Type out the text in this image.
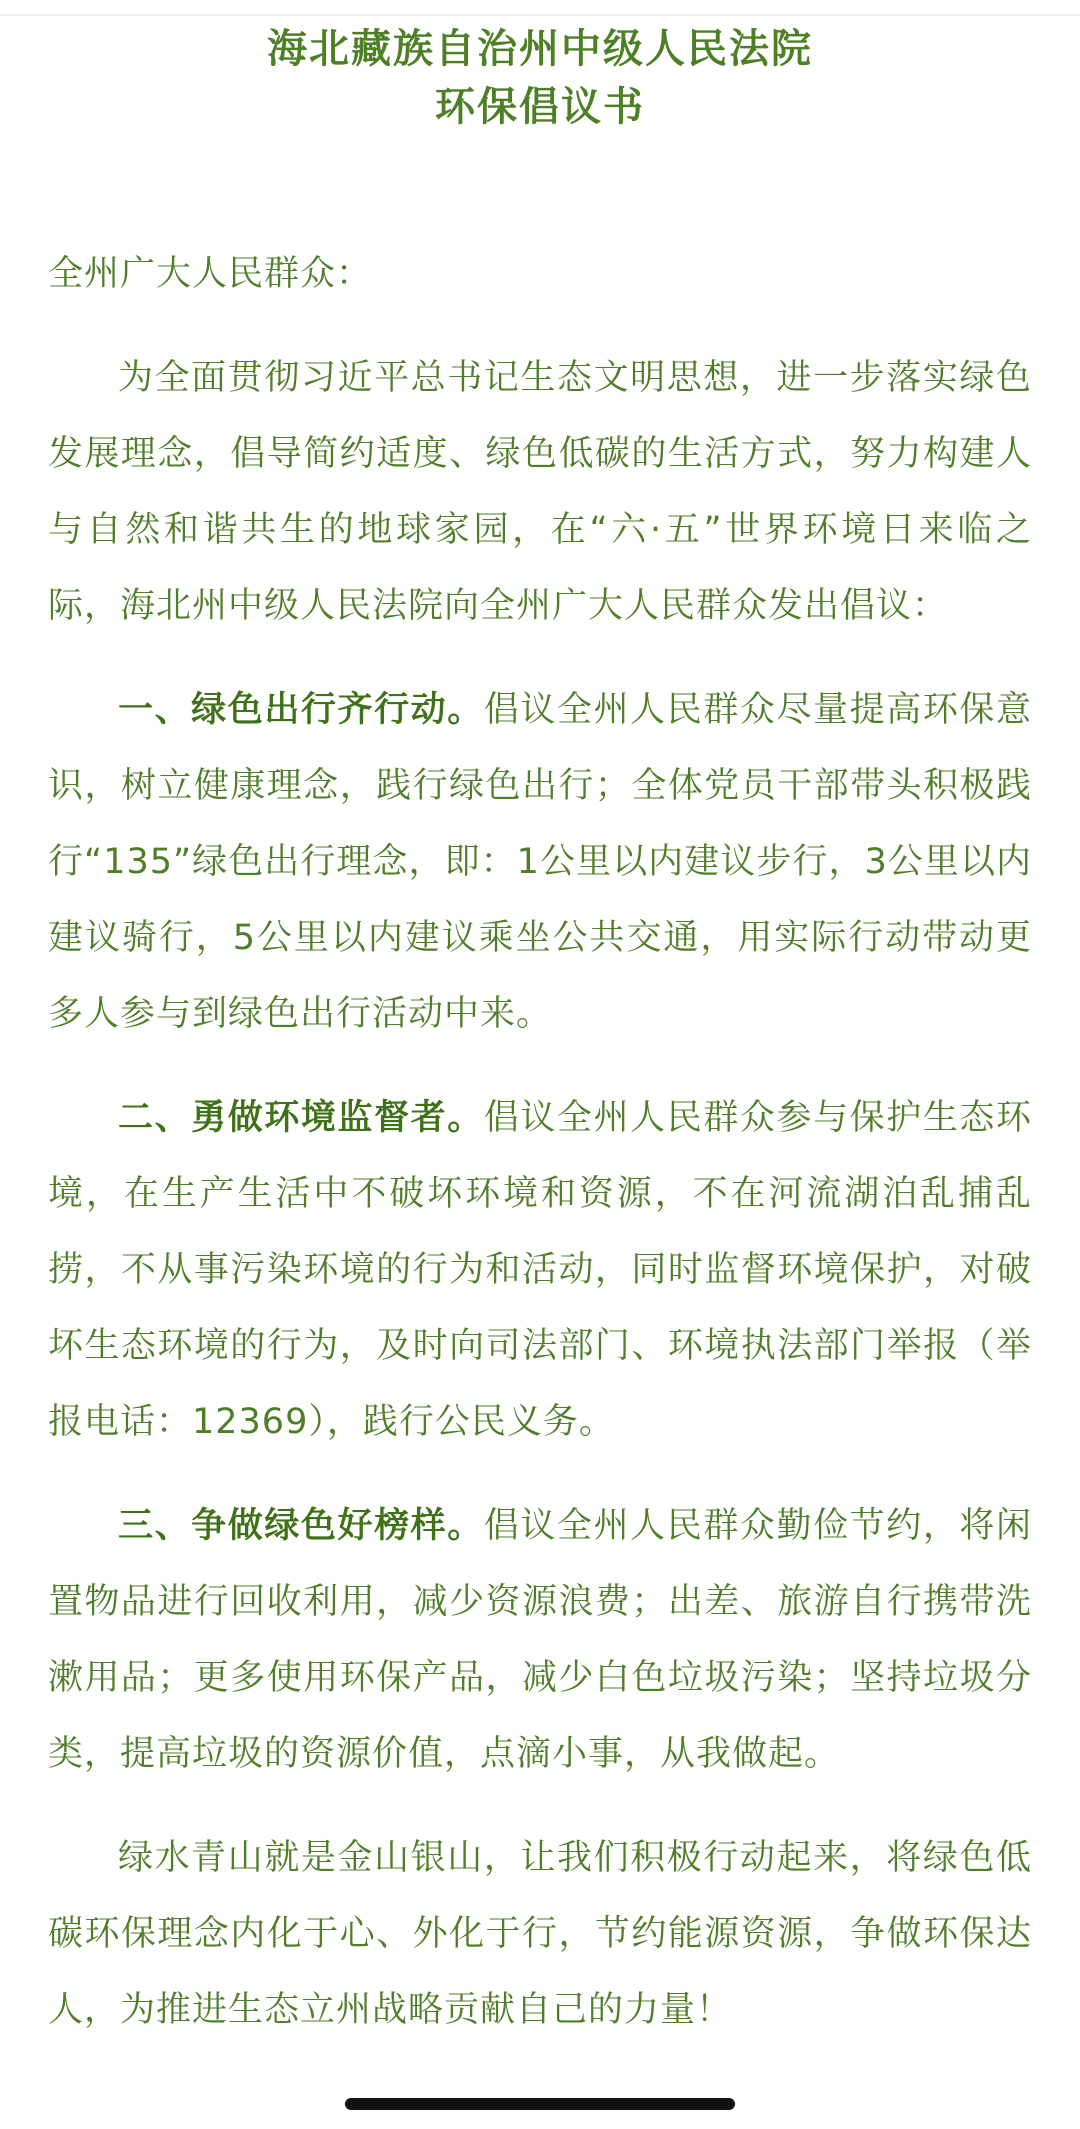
海北藏族自治州中级人民法院
环保倡议书

全州广大人民群众：

为全面贯彻习近平总书记生态文明思想，进一步落实绿色发展理念，倡导简约适度、绿色低碳的生活方式，努力构建人与自然和谐共生的地球家园，在“六·五”世界环境日来临之际，海北州中级人民法院向全州广大人民群众发出倡议：

一、绿色出行齐行动。倡议全州人民群众尽量提高环保意识，树立健康理念，践行绿色出行；全体党员干部带头积极践行“135”绿色出行理念，即：1公里以内建议步行，3公里以内建议骑行，5公里以内建议乘坐公共交通，用实际行动带动更多人参与到绿色出行活动中来。

二、勇做环境监督者。倡议全州人民群众参与保护生态环境，在生产生活中不破坏环境和资源，不在河流湖泊乱捕乱捞，不从事污染环境的行为和活动，同时监督环境保护，对破坏生态环境的行为，及时向司法部门、环境执法部门举报（举报电话：12369），践行公民义务。

三、争做绿色好榜样。倡议全州人民群众勤俭节约，将闲置物品进行回收利用，减少资源浪费；出差、旅游自行携带洗漱用品；更多使用环保产品，减少白色垃圾污染；坚持垃圾分类，提高垃圾的资源价值，点滴小事，从我做起。

绿水青山就是金山银山，让我们积极行动起来，将绿色低碳环保理念内化于心、外化于行，节约能源资源，争做环保达人，为推进生态立州战略贡献自己的力量！
